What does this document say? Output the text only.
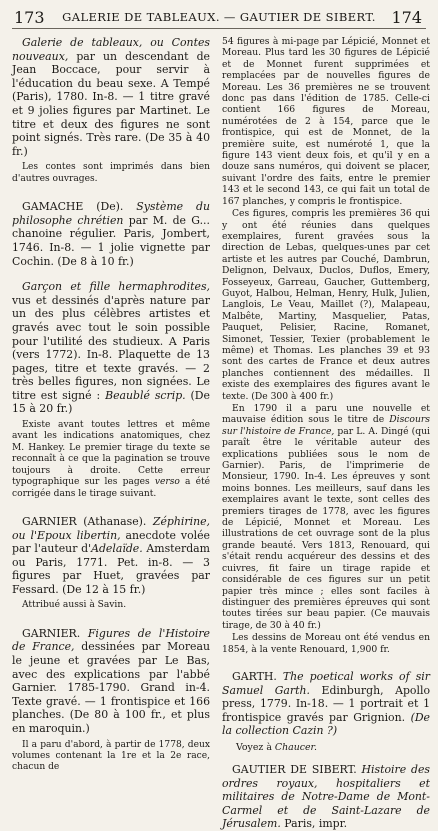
173	GALERIE DE TABLEAUX. — GAUTIER DE SIBERT. 174

Galerie de tableaux, ou Contes nouveaux, par un descendant de Jean Boccace, pour servir à l'éducation du beau sexe. A Tempé (Paris), 1780. In-8. — 1 titre gravé et 9 jolies figures par Martinet. Le titre et deux des figures ne sont point signés. Très rare. (De 35 à 40 fr.)

Les contes sont imprimés dans bien d'autres ouvrages.

GAMACHE (De). Système du philosophe chrétien par M. de G... chanoine régulier. Paris, Jombert, 1746. In-8. — 1 jolie vignette par Cochin. (De 8 à 10 fr.)

Garçon et fille hermaphrodites, vus et dessinés d'après nature par un des plus célèbres artistes et gravés avec tout le soin possible pour l'utilité des studieux. A Paris (vers 1772). In-8. Plaquette de 13 pages, titre et texte gravés. — 2 très belles figures, non signées. Le titre est signé : Beaublé scrip. (De 15 à 20 fr.)

Existe avant toutes lettres et même avant les indications anatomiques, chez M. Hankey. Le premier tirage du texte se reconnaît à ce que la pagination se trouve toujours à droite. Cette erreur typographique sur les pages verso a été corrigée dans le tirage suivant.

GARNIER (Athanase). Zéphirine, ou l'Epoux libertin, anecdote volée par l'auteur d'Adelaïde. Amsterdam ou Paris, 1771. Pet. in-8. — 3 figures par Huet, gravées par Fessard. (De 12 à 15 fr.)

Attribué aussi à Savin.

GARNIER. Figures de l'Histoire de France, dessinées par Moreau le jeune et gravées par Le Bas, avec des explications par l'abbé Garnier. 1785-1790. Grand in-4. Texte gravé. — 1 frontispice et 166 planches. (De 80 à 100 fr., et plus en maroquin.)

Il a paru d'abord, à partir de 1778, deux volumes contenant la 1re et la 2e race, chacun de

54 figures à mi-page par Lépicié, Monnet et Moreau. Plus tard les 30 figures de Lépicié et de Monnet furent supprimées et remplacées par de nouvelles figures de Moreau. Les 36 premières ne se trouvent donc pas dans l'édition de 1785. Celle-ci contient 166 figures de Moreau, numérotées de 2 à 154, parce que le frontispice, qui est de Monnet, de la première suite, est numéroté 1, que la figure 143 vient deux fois, et qu'il y en a douze sans numéros, qui doivent se placer, suivant l'ordre des faits, entre le premier 143 et le second 143, ce qui fait un total de 167 planches, y compris le frontispice.

Ces figures, compris les premières 36 qui y ont été réunies dans quelques exemplaires, furent gravées sous la direction de Lebas, quelques-unes par cet artiste et les autres par Couché, Dambrun, Delignon, Delvaux, Duclos, Duflos, Emery, Fosseyeux, Garreau, Gaucher, Guttemberg, Guyot, Halbou, Helman, Henry, Hulk, Julien, Langlois, Le Veau, Maillet (?), Malapeau, Malbête, Martiny, Masquelier, Patas, Pauquet, Pelisier, Racine, Romanet, Simonet, Tessier, Texier (probablement le même) et Thomas. Les planches 39 et 93 sont des cartes de France et deux autres planches contiennent des médailles. Il existe des exemplaires des figures avant le texte. (De 300 à 400 fr.)

En 1790 il a paru une nouvelle et mauvaise édition sous le titre de Discours sur l'histoire de France, par L. A. Dingé (qui paraît être le véritable auteur des explications publiées sous le nom de Garnier). Paris, de l'imprimerie de Monsieur, 1790. In-4. Les épreuves y sont moins bonnes. Les meilleurs, sauf dans les exemplaires avant le texte, sont celles des premiers tirages de 1778, avec les figures de Lépicié, Monnet et Moreau. Les illustrations de cet ouvrage sont de la plus grande beauté. Vers 1813, Renouard, qui s'était rendu acquéreur des dessins et des cuivres, fit faire un tirage rapide et considérable de ces figures sur un petit papier très mince ; elles sont faciles à distinguer des premières épreuves qui sont toutes tirées sur beau papier. (Ce mauvais tirage, de 30 à 40 fr.)

Les dessins de Moreau ont été vendus en 1854, à la vente Renouard, 1,900 fr.

GARTH. The poetical works of sir Samuel Garth. Edinburgh, Apollo press, 1779. In-18. — 1 portrait et 1 frontispice gravés par Grignion. (De la collection Cazin ?)

Voyez à Chaucer.

GAUTIER DE SIBERT. Histoire des ordres royaux, hospitaliers et militaires de Notre-Dame de Mont-Carmel et de Saint-Lazare de Jérusalem. Paris, impr.
